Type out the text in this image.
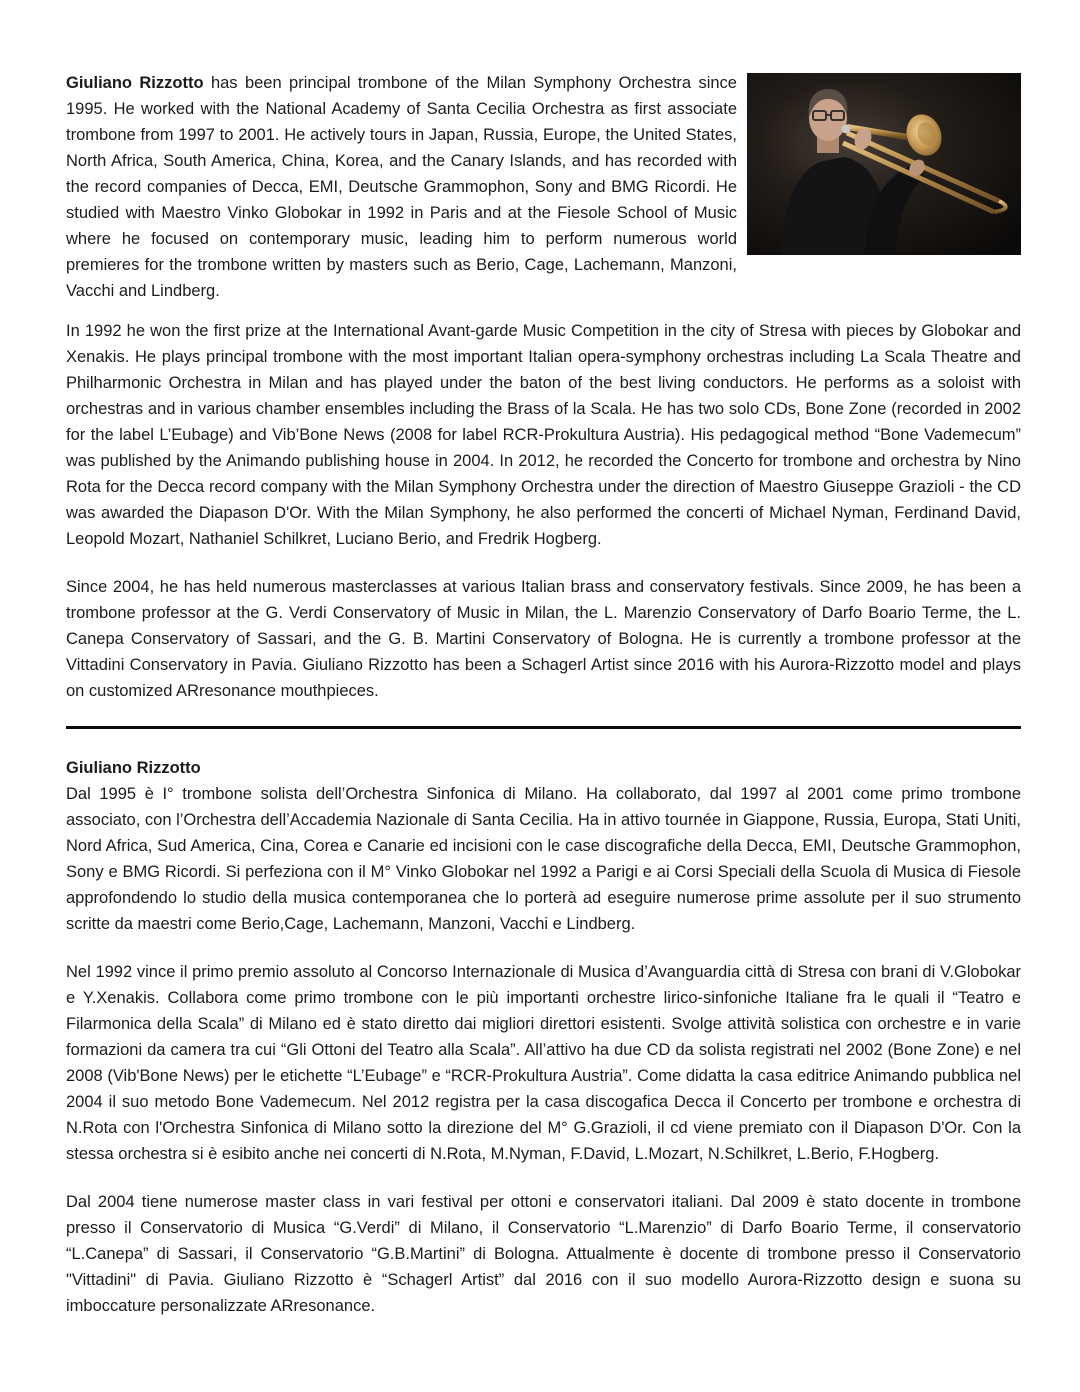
Giuliano Rizzotto has been principal trombone of the Milan Symphony Orchestra since 1995. He worked with the National Academy of Santa Cecilia Orchestra as first associate trombone from 1997 to 2001. He actively tours in Japan, Russia, Europe, the United States, North Africa, South America, China, Korea, and the Canary Islands, and has recorded with the record companies of Decca, EMI, Deutsche Grammophon, Sony and BMG Ricordi. He studied with Maestro Vinko Globokar in 1992 in Paris and at the Fiesole School of Music where he focused on contemporary music, leading him to perform numerous world premieres for the trombone written by masters such as Berio, Cage, Lachemann, Manzoni, Vacchi and Lindberg.

In 1992 he won the first prize at the International Avant-garde Music Competition in the city of Stresa with pieces by Globokar and Xenakis. He plays principal trombone with the most important Italian opera-symphony orchestras including La Scala Theatre and Philharmonic Orchestra in Milan and has played under the baton of the best living conductors. He performs as a soloist with orchestras and in various chamber ensembles including the Brass of la Scala. He has two solo CDs, Bone Zone (recorded in 2002 for the label L’Eubage) and Vib’Bone News (2008 for label RCR-Prokultura Austria). His pedagogical method “Bone Vademecum” was published by the Animando publishing house in 2004. In 2012, he recorded the Concerto for trombone and orchestra by Nino Rota for the Decca record company with the Milan Symphony Orchestra under the direction of Maestro Giuseppe Grazioli - the CD was awarded the Diapason D'Or. With the Milan Symphony, he also performed the concerti of Michael Nyman, Ferdinand David, Leopold Mozart, Nathaniel Schilkret, Luciano Berio, and Fredrik Hogberg.

Since 2004, he has held numerous masterclasses at various Italian brass and conservatory festivals. Since 2009, he has been a trombone professor at the G. Verdi Conservatory of Music in Milan, the L. Marenzio Conservatory of Darfo Boario Terme, the L. Canepa Conservatory of Sassari, and the G. B. Martini Conservatory of Bologna. He is currently a trombone professor at the Vittadini Conservatory in Pavia. Giuliano Rizzotto has been a Schagerl Artist since 2016 with his Aurora-Rizzotto model and plays on customized ARresonance mouthpieces.

Giuliano Rizzotto

Dal 1995 è I° trombone solista dell’Orchestra Sinfonica di Milano. Ha collaborato, dal 1997 al 2001 come primo trombone associato, con l’Orchestra dell’Accademia Nazionale di Santa Cecilia. Ha in attivo tournée in Giappone, Russia, Europa, Stati Uniti, Nord Africa, Sud America, Cina, Corea e Canarie ed incisioni con le case discografiche della Decca, EMI, Deutsche Grammophon, Sony e BMG Ricordi. Si perfeziona con il M° Vinko Globokar nel 1992 a Parigi e ai Corsi Speciali della Scuola di Musica di Fiesole approfondendo lo studio della musica contemporanea che lo porterà ad eseguire numerose prime assolute per il suo strumento scritte da maestri come Berio,Cage, Lachemann, Manzoni, Vacchi e Lindberg.

Nel 1992 vince il primo premio assoluto al Concorso Internazionale di Musica d’Avanguardia città di Stresa con brani di V.Globokar e Y.Xenakis. Collabora come primo trombone con le più importanti orchestre lirico-sinfoniche Italiane fra le quali il “Teatro e Filarmonica della Scala” di Milano ed è stato diretto dai migliori direttori esistenti. Svolge attività solistica con orchestre e in varie formazioni da camera tra cui “Gli Ottoni del Teatro alla Scala”. All’attivo ha due CD da solista registrati nel 2002 (Bone Zone) e nel 2008 (Vib'Bone News) per le etichette “L’Eubage” e “RCR-Prokultura Austria”. Come didatta la casa editrice Animando pubblica nel 2004 il suo metodo Bone Vademecum. Nel 2012 registra per la casa discogafica Decca il Concerto per trombone e orchestra di N.Rota con l'Orchestra Sinfonica di Milano sotto la direzione del M° G.Grazioli, il cd viene premiato con il Diapason D'Or. Con la stessa orchestra si è esibito anche nei concerti di N.Rota, M.Nyman, F.David, L.Mozart, N.Schilkret, L.Berio, F.Hogberg.

Dal 2004 tiene numerose master class in vari festival per ottoni e conservatori italiani. Dal 2009 è stato docente in trombone presso il Conservatorio di Musica “G.Verdi” di Milano, il Conservatorio “L.Marenzio” di Darfo Boario Terme, il conservatorio “L.Canepa” di Sassari, il Conservatorio “G.B.Martini” di Bologna. Attualmente è docente di trombone presso il Conservatorio "Vittadini" di Pavia. Giuliano Rizzotto è “Schagerl Artist” dal 2016 con il suo modello Aurora-Rizzotto design e suona su imboccature personalizzate ARresonance.
